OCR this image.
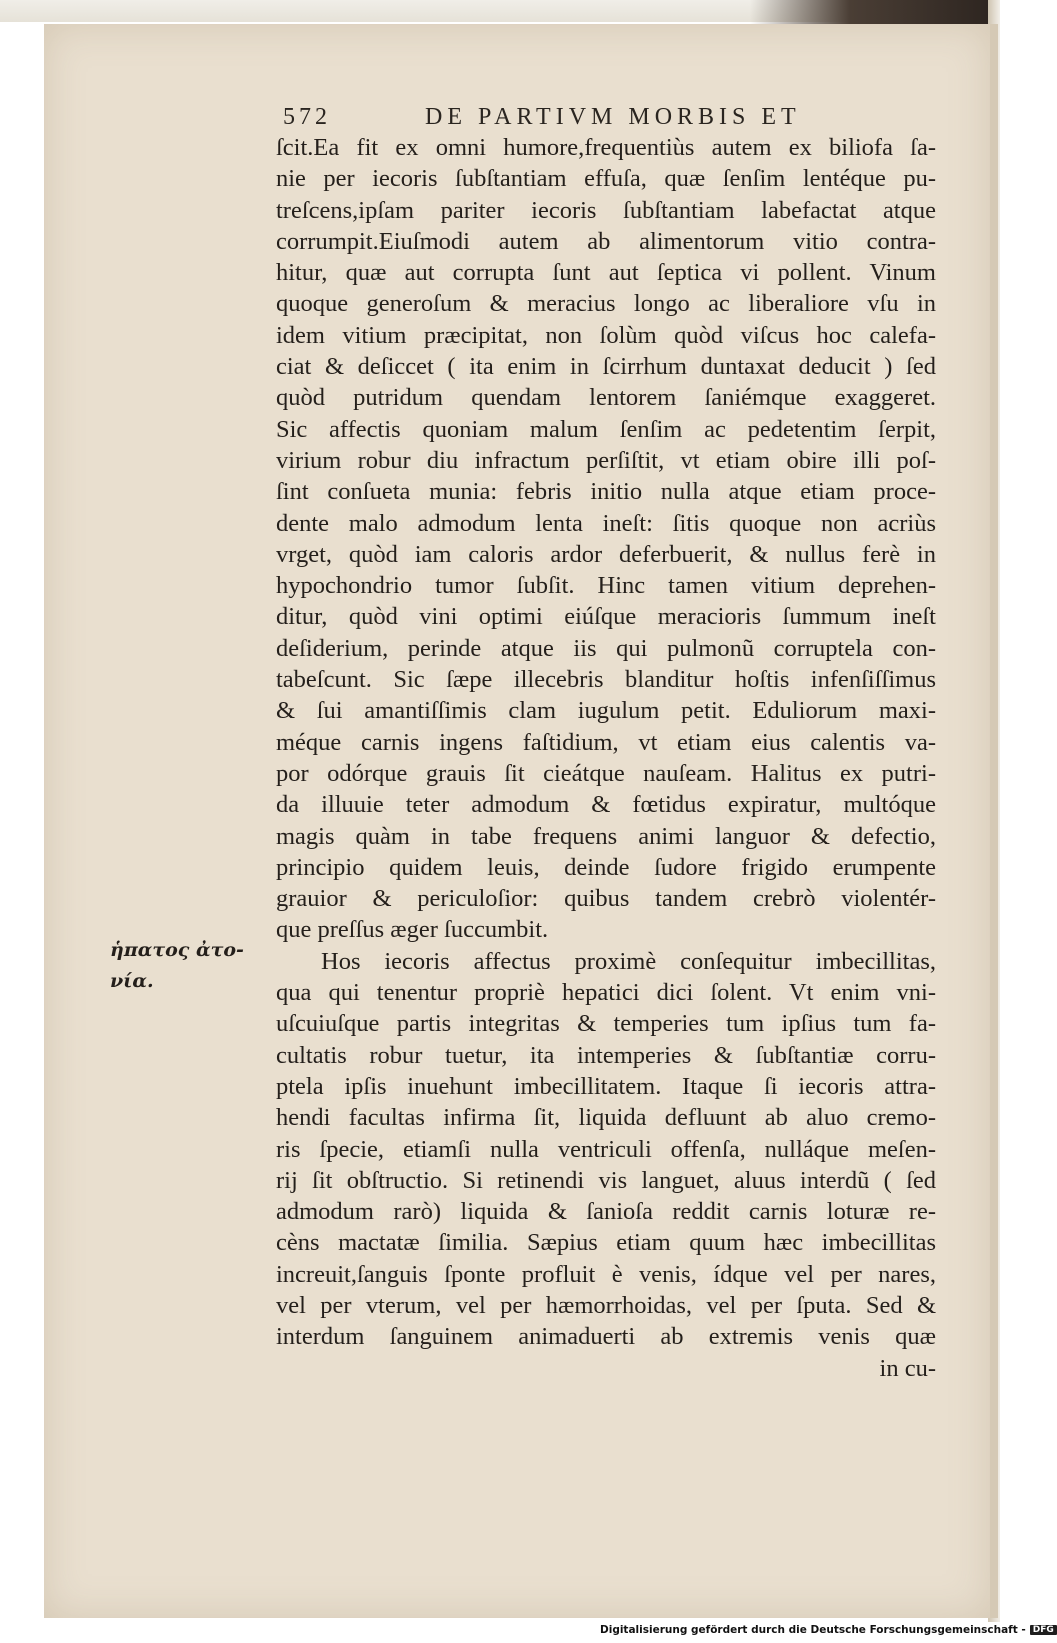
572	DE PARTIVM MORBIS ET
ἡπατος ἀτο-
νία.
ſcit.Ea fit ex omni humore,frequentiùs autem ex biliofa ſa-
nie per iecoris ſubſtantiam effuſa, quæ ſenſim lentéque pu-
treſcens,ipſam pariter iecoris ſubſtantiam labefactat atque
corrumpit.Eiuſmodi autem ab alimentorum vitio contra-
hitur, quæ aut corrupta ſunt aut ſeptica vi pollent. Vinum
quoque generoſum & meracius longo ac liberaliore vſu in
idem vitium præcipitat, non ſolùm quòd viſcus hoc calefa-
ciat & deſiccet ( ita enim in ſcirrhum duntaxat deducit ) ſed
quòd putridum quendam lentorem ſaniémque exaggeret.
Sic affectis quoniam malum ſenſim ac pedetentim ſerpit,
virium robur diu infractum perſiſtit, vt etiam obire illi poſ-
ſint conſueta munia: febris initio nulla atque etiam proce-
dente malo admodum lenta ineſt: ſitis quoque non acriùs
vrget, quòd iam caloris ardor deferbuerit, & nullus ferè in
hypochondrio tumor ſubſit. Hinc tamen vitium deprehen-
ditur, quòd vini optimi eiúſque meracioris ſummum ineſt
deſiderium, perinde atque iis qui pulmonũ corruptela con-
tabeſcunt. Sic ſæpe illecebris blanditur hoſtis infenſiſſimus
& ſui amantiſſimis clam iugulum petit. Eduliorum maxi-
méque carnis ingens faſtidium, vt etiam eius calentis va-
por odórque grauis ſit cieátque nauſeam. Halitus ex putri-
da illuuie teter admodum & fœtidus expiratur, multóque
magis quàm in tabe frequens animi languor & defectio,
principio quidem leuis, deinde ſudore frigido erumpente
grauior & periculoſior: quibus tandem crebrò violentér-
que preſſus æger ſuccumbit.
Hos iecoris affectus proximè conſequitur imbecillitas,
qua qui tenentur propriè hepatici dici ſolent. Vt enim vni-
uſcuiuſque partis integritas & temperies tum ipſius tum fa-
cultatis robur tuetur, ita intemperies & ſubſtantiæ corru-
ptela ipſis inuehunt imbecillitatem. Itaque ſi iecoris attra-
hendi facultas infirma ſit, liquida defluunt ab aluo cremo-
ris ſpecie, etiamſi nulla ventriculi offenſa, nulláque meſen-
rij ſit obſtructio. Si retinendi vis languet, aluus interdũ ( ſed
admodum rarò) liquida & ſanioſa reddit carnis loturæ re-
cèns mactatæ ſimilia. Sæpius etiam quum hæc imbecillitas
increuit,ſanguis ſponte profluit è venis, ídque vel per nares,
vel per vterum, vel per hæmorrhoidas, vel per ſputa. Sed &
interdum ſanguinem animaduerti ab extremis venis quæ
in cu-
Digitalisierung gefördert durch die Deutsche Forschungsgemeinschaft - DFG
